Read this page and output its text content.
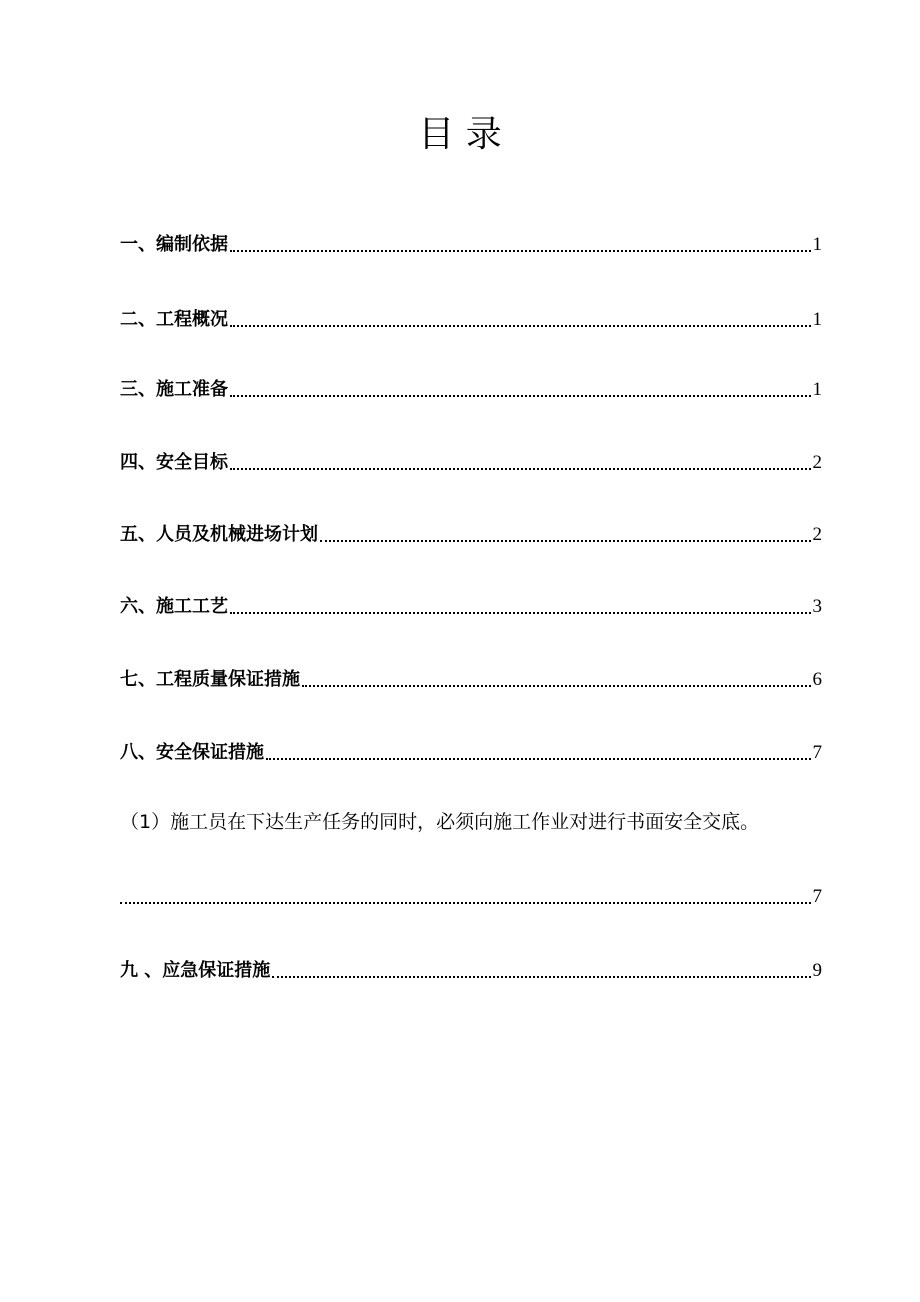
目 录
一、编制依据	1
二、工程概况	1
三、施工准备	1
四、安全目标	2
五、人员及机械进场计划	2
六、施工工艺	3
七、工程质量保证措施	6
八、安全保证措施	7
（1）施工员在下达生产任务的同时，必须向施工作业对进行书面安全交底。
7
九 、应急保证措施	9
